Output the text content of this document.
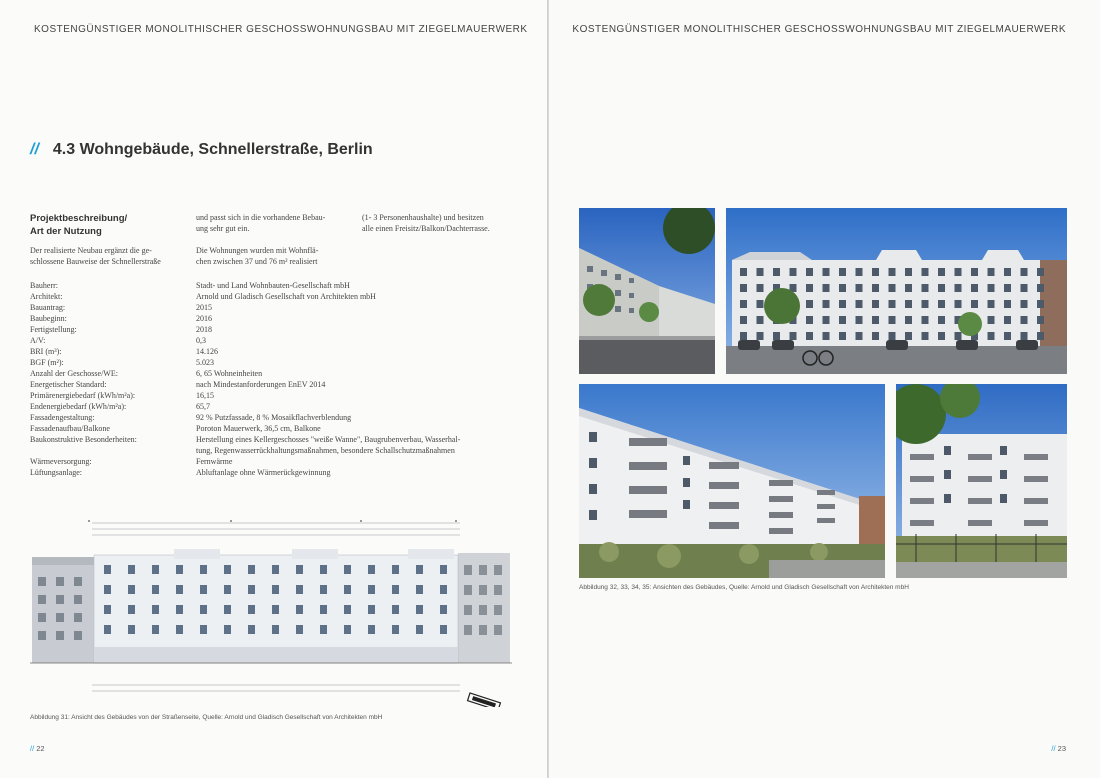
KOSTENGÜNSTIGER MONOLITHISCHER GESCHOSSWOHNUNGSBAU MIT ZIEGELMAUERWERK
// 4.3 Wohngebäude, Schnellerstraße, Berlin
Projektbeschreibung/
Art der Nutzung
Der realisierte Neubau ergänzt die ge-
schlossene Bauweise der Schnellerstraße
und passt sich in die vorhandene Bebau-
ung sehr gut ein.
Die Wohnungen wurden mit Wohnflä-
chen zwischen 37 und 76 m² realisiert
(1- 3 Personenhaushalte) und besitzen
alle einen Freisitz/Balkon/Dachterrasse.
Bauherr:	Stadt- und Land Wohnbauten-Gesellschaft mbH
Architekt:	Arnold und Gladisch Gesellschaft von Architekten mbH
Bauantrag:	2015
Baubeginn:	2016
Fertigstellung:	2018
A/V:	0,3
BRI (m³):	14.126
BGF (m²):	5.023
Anzahl der Geschosse/WE:	6, 65 Wohneinheiten
Energetischer Standard:	nach Mindestanforderungen EnEV 2014
Primärenergiebedarf (kWh/m²a):	16,15
Endenergiebedarf (kWh/m²a):	65,7
Fassadengestaltung:	92 % Putzfassade, 8 % Mosaikflachverblendung
Fassadenaufbau/Balkone	Poroton Mauerwerk, 36,5 cm, Balkone
Baukonstruktive Besonderheiten:	Herstellung eines Kellergeschosses "weiße Wanne", Baugrubenverbau, Wasserhal-
tung, Regenwasserrückhaltungsmaßnahmen, besondere Schallschutzmaßnahmen
Wärmeversorgung:	Fernwärme
Lüftungsanlage:	Abluftanlage ohne Wärmerückgewinnung
Abbildung 31: Ansicht des Gebäudes von der Straßenseite, Quelle: Arnold und Gladisch Gesellschaft von Architekten mbH
// 22
KOSTENGÜNSTIGER MONOLITHISCHER GESCHOSSWOHNUNGSBAU MIT ZIEGELMAUERWERK
Abbildung 32, 33, 34, 35: Ansichten des Gebäudes, Quelle: Arnold und Gladisch Gesellschaft von Architekten mbH
// 23
